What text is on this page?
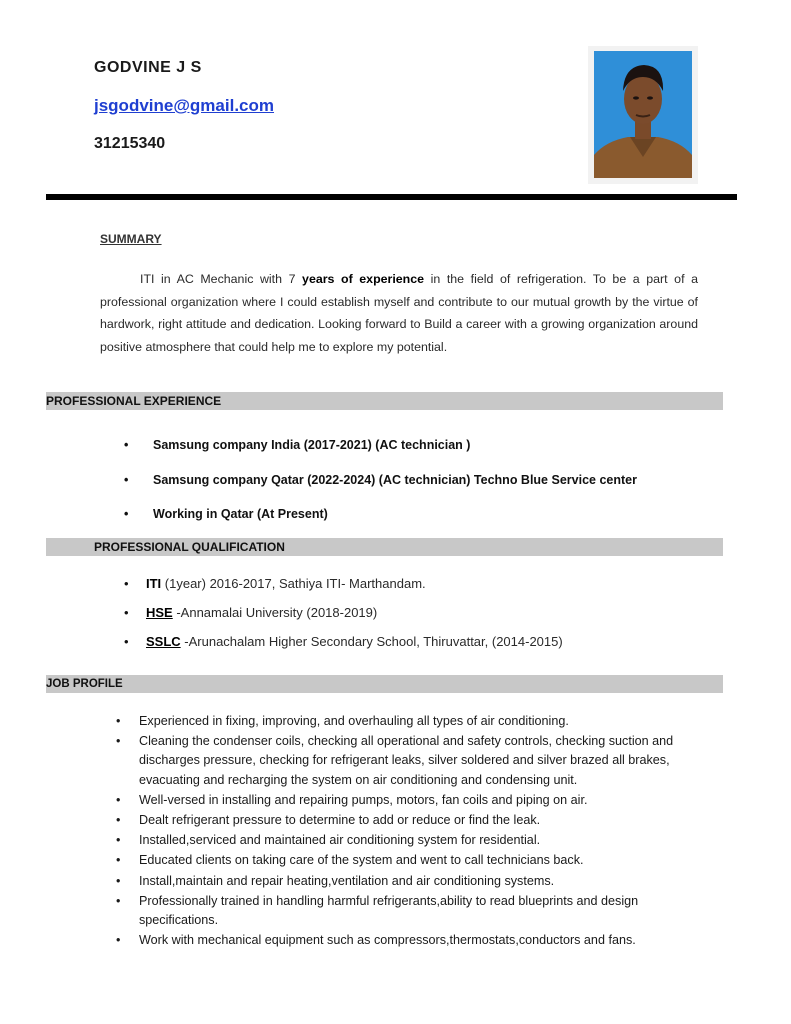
GODVINE J S
jsgodvine@gmail.com
31215340
SUMMARY
ITI in AC Mechanic with 7 years of experience in the field of refrigeration. To be a part of a professional organization where I could establish myself and contribute to our mutual growth by the virtue of hardwork, right attitude and dedication. Looking forward to Build a career with a growing organization around positive atmosphere that could help me to explore my potential.
PROFESSIONAL EXPERIENCE
• Samsung company India (2017-2021) (AC technician )
• Samsung company Qatar (2022-2024) (AC technician) Techno Blue Service center
• Working in Qatar (At Present)
PROFESSIONAL QUALIFICATION
• ITI (1year) 2016-2017, Sathiya ITI- Marthandam.
• HSE -Annamalai University (2018-2019)
• SSLC -Arunachalam Higher Secondary School, Thiruvattar, (2014-2015)
JOB PROFILE
• Experienced in fixing, improving, and overhauling all types of air conditioning.
• Cleaning the condenser coils, checking all operational and safety controls, checking suction and discharges pressure, checking for refrigerant leaks, silver soldered and silver brazed all brakes, evacuating and recharging the system on air conditioning and condensing unit.
• Well-versed in installing and repairing pumps, motors, fan coils and piping on air.
• Dealt refrigerant pressure to determine to add or reduce or find the leak.
• Installed,serviced and maintained air conditioning system for residential.
• Educated clients on taking care of the system and went to call technicians back.
• Install,maintain and repair heating,ventilation and air conditioning systems.
• Professionally trained in handling harmful refrigerants,ability to read blueprints and design specifications.
• Work with mechanical equipment such as compressors,thermostats,conductors and fans.
